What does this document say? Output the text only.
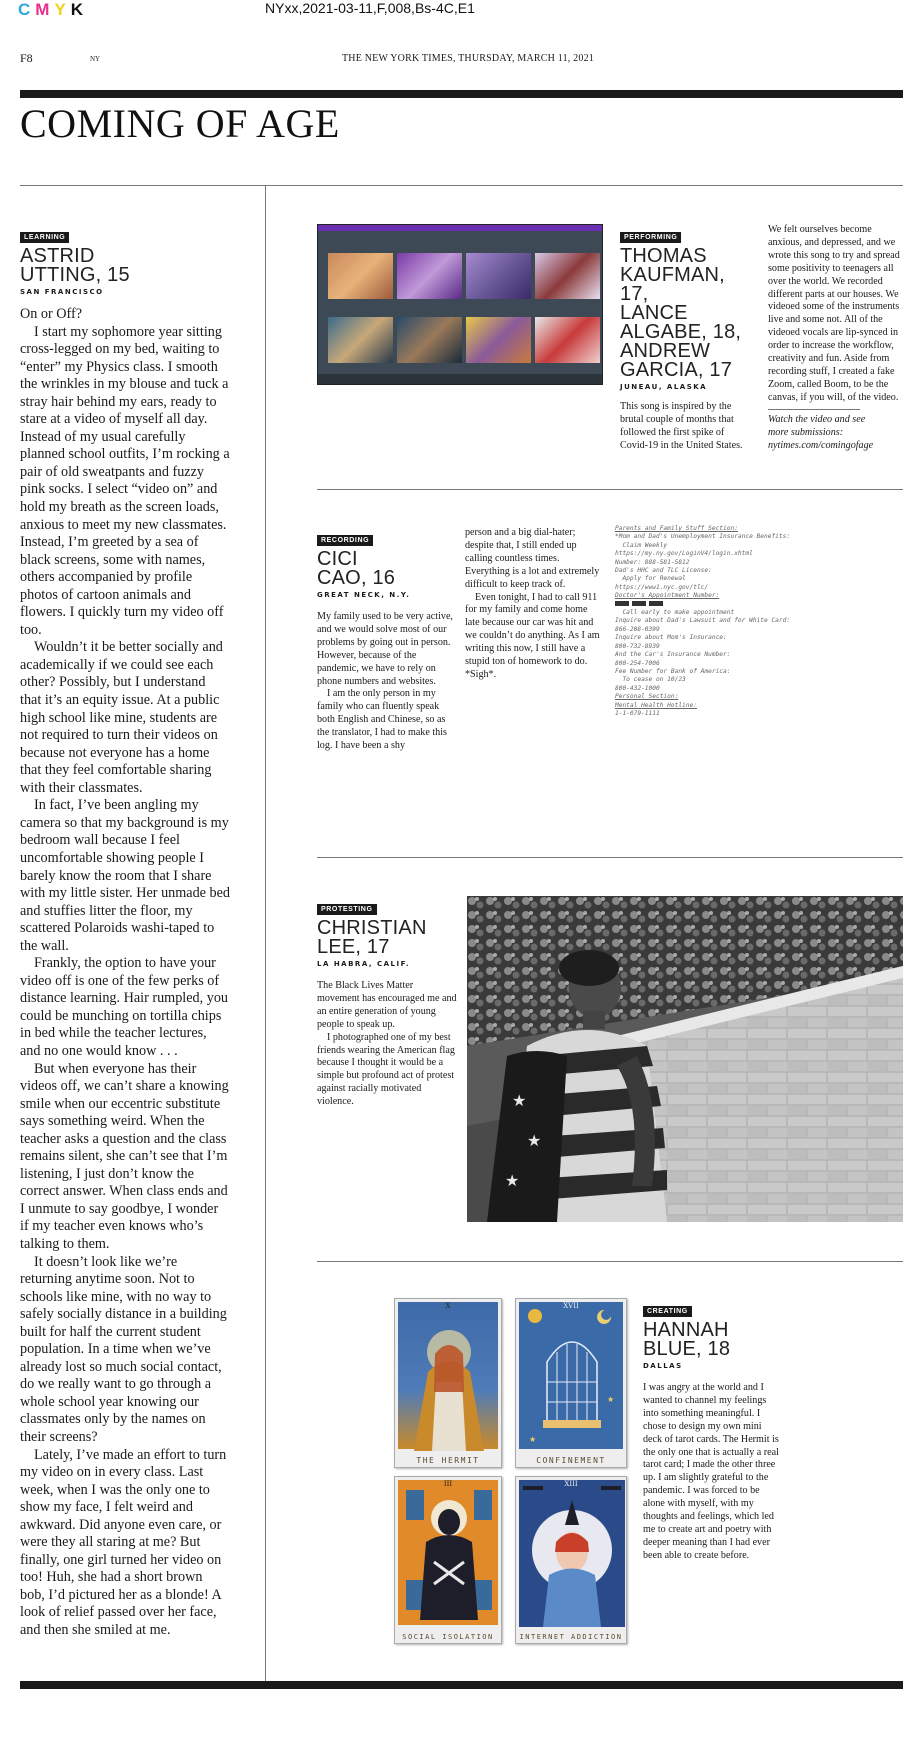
CMYK	NYxx,2021-03-11,F,008,Bs-4C,E1
F8	NY	THE NEW YORK TIMES, THURSDAY, MARCH 11, 2021
COMING OF AGE
LEARNING
ASTRID
UTTING, 15
SAN FRANCISCO

On or Off?

I start my sophomore year sitting cross-legged on my bed, waiting to “enter” my Physics class. I smooth the wrinkles in my blouse and tuck a stray hair behind my ears, ready to stare at a video of myself all day. Instead of my usual carefully planned school outfits, I’m rocking a pair of old sweatpants and fuzzy pink socks. I select “video on” and hold my breath as the screen loads, anxious to meet my new classmates. Instead, I’m greeted by a sea of black screens, some with names, others accompanied by profile photos of cartoon animals and flowers. I quickly turn my video off too.

Wouldn’t it be better socially and academically if we could see each other? Possibly, but I understand that it’s an equity issue. At a public high school like mine, students are not required to turn their videos on because not everyone has a home that they feel comfortable sharing with their classmates.

In fact, I’ve been angling my camera so that my background is my bedroom wall because I feel uncomfortable showing people I barely know the room that I share with my little sister. Her unmade bed and stuffies litter the floor, my scattered Polaroids washi-taped to the wall.

Frankly, the option to have your video off is one of the few perks of distance learning. Hair rumpled, you could be munching on tortilla chips in bed while the teacher lectures, and no one would know . . .

But when everyone has their videos off, we can’t share a knowing smile when our eccentric substitute says something weird. When the teacher asks a question and the class remains silent, she can’t see that I’m listening, I just don’t know the correct answer. When class ends and I unmute to say goodbye, I wonder if my teacher even knows who’s talking to them.

It doesn’t look like we’re returning anytime soon. Not to schools like mine, with no way to safely socially distance in a building built for half the current student population. In a time when we’ve already lost so much social contact, do we really want to go through a whole school year knowing our classmates only by the names on their screens?

Lately, I’ve made an effort to turn my video on in every class. Last week, when I was the only one to show my face, I felt weird and awkward. Did anyone even care, or were they all staring at me? But finally, one girl turned her video on too! Huh, she had a short brown bob, I’d pictured her as a blonde! A look of relief passed over her face, and then she smiled at me.

PERFORMING
THOMAS
KAUFMAN, 17,
LANCE
ALGABE, 18,
ANDREW
GARCIA, 17
JUNEAU, ALASKA
This song is inspired by the brutal couple of months that followed the first spike of Covid-19 in the United States.
We felt ourselves become anxious, and depressed, and we wrote this song to try and spread some positivity to teenagers all over the world. We recorded different parts at our houses. We videoed some of the instruments live and some not. All of the videoed vocals are lip-synced in order to increase the workflow, creativity and fun. Aside from recording stuff, I created a fake Zoom, called Boom, to be the canvas, if you will, of the video.
Watch the video and see
more submissions:
nytimes.com/comingofage
RECORDING
CICI
CAO, 16
GREAT NECK, N.Y.

My family used to be very active, and we would solve most of our problems by going out in person. However, because of the pandemic, we have to rely on phone numbers and websites.

I am the only person in my family who can fluently speak both English and Chinese, so as the translator, I had to make this log. I have been a shy

person and a big dial-hater; despite that, I still ended up calling countless times. Everything is a lot and extremely difficult to keep track of.

Even tonight, I had to call 911 for my family and come home late because our car was hit and we couldn’t do anything. As I am writing this now, I still have a stupid ton of homework to do. *Sigh*.

Parents and Family Stuff Section:
*Mom and Dad's Unemployment Insurance Benefits:
Claim Weekly
https://my.ny.gov/LoginV4/login.xhtml
Number: 888-581-5812
Dad's HHC and TLC License:
Apply for Renewal
https://www1.nyc.gov/tlc/
Doctor's Appointment Number:
Call early to make appointment
Inquire about Dad's Lawsuit and for White Card:
866-208-0399
Inquire about Mom's Insurance:
800-732-8939
And the Car's Insurance Number:
800-254-7006
Fee Number for Bank of America:
To cease on 10/23
800-432-1000
Personal Section:
Mental Health Hotline:
1-1-079-1111
PROTESTING
CHRISTIAN
LEE, 17
LA HABRA, CALIF.

The Black Lives Matter movement has encouraged me and an entire generation of young people to speak up.

I photographed one of my best friends wearing the American flag because I thought it would be a simple but profound act of protest against racially motivated violence.	★
★
★
X
THE HERMIT
★
★
XVII
CONFINEMENT
III
SOCIAL ISOLATION
XIII
INTERNET ADDICTION
CREATING
HANNAH
BLUE, 18
DALLAS
I was angry at the world and I wanted to channel my feelings into something meaningful. I chose to design my own mini deck of tarot cards. The Hermit is the only one that is actually a real tarot card; I made the other three up. I am slightly grateful to the pandemic. I was forced to be alone with myself, with my thoughts and feelings, which led me to create art and poetry with deeper meaning than I had ever been able to create before.
